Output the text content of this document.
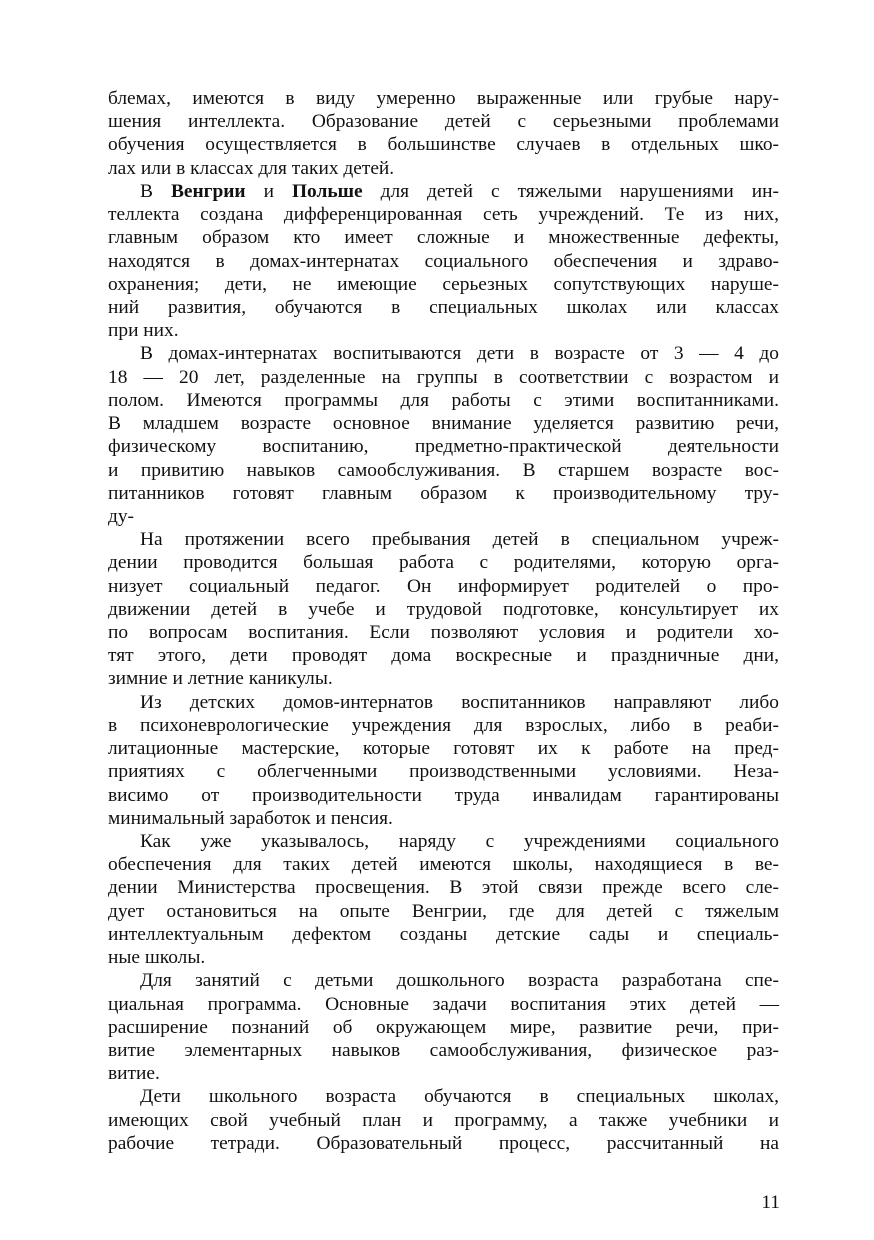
блемах, имеются в виду умеренно выраженные или грубые нару-
шения интеллекта. Образование детей с серьезными проблемами
обучения осуществляется в большинстве случаев в отдельных шко-
лах или в классах для таких детей.
В Венгрии и Польше для детей с тяжелыми нарушениями ин-
теллекта создана дифференцированная сеть учреждений. Те из них,
главным образом кто имеет сложные и множественные дефекты,
находятся в домах-интернатах социального обеспечения и здраво-
охранения; дети, не имеющие серьезных сопутствующих наруше-
ний развития, обучаются в специальных школах или классах
при них.
В домах-интернатах воспитываются дети в возрасте от 3 — 4 до
18 — 20 лет, разделенные на группы в соответствии с возрастом и
полом. Имеются программы для работы с этими воспитанниками.
В младшем возрасте основное внимание уделяется развитию речи,
физическому воспитанию, предметно-практической деятельности
и привитию навыков самообслуживания. В старшем возрасте вос-
питанников готовят главным образом к производительному тру-
ду-
На протяжении всего пребывания детей в специальном учреж-
дении проводится большая работа с родителями, которую орга-
низует социальный педагог. Он информирует родителей о про-
движении детей в учебе и трудовой подготовке, консультирует их
по вопросам воспитания. Если позволяют условия и родители хо-
тят этого, дети проводят дома воскресные и праздничные дни,
зимние и летние каникулы.
Из детских домов-интернатов воспитанников направляют либо
в психоневрологические учреждения для взрослых, либо в реаби-
литационные мастерские, которые готовят их к работе на пред-
приятиях с облегченными производственными условиями. Неза-
висимо от производительности труда инвалидам гарантированы
минимальный заработок и пенсия.
Как уже указывалось, наряду с учреждениями социального
обеспечения для таких детей имеются школы, находящиеся в ве-
дении Министерства просвещения. В этой связи прежде всего сле-
дует остановиться на опыте Венгрии, где для детей с тяжелым
интеллектуальным дефектом созданы детские сады и специаль-
ные школы.
Для занятий с детьми дошкольного возраста разработана спе-
циальная программа. Основные задачи воспитания этих детей —
расширение познаний об окружающем мире, развитие речи, при-
витие элементарных навыков самообслуживания, физическое раз-
витие.
Дети школьного возраста обучаются в специальных школах,
имеющих свой учебный план и программу, а также учебники и
рабочие тетради. Образовательный процесс, рассчитанный на
11
